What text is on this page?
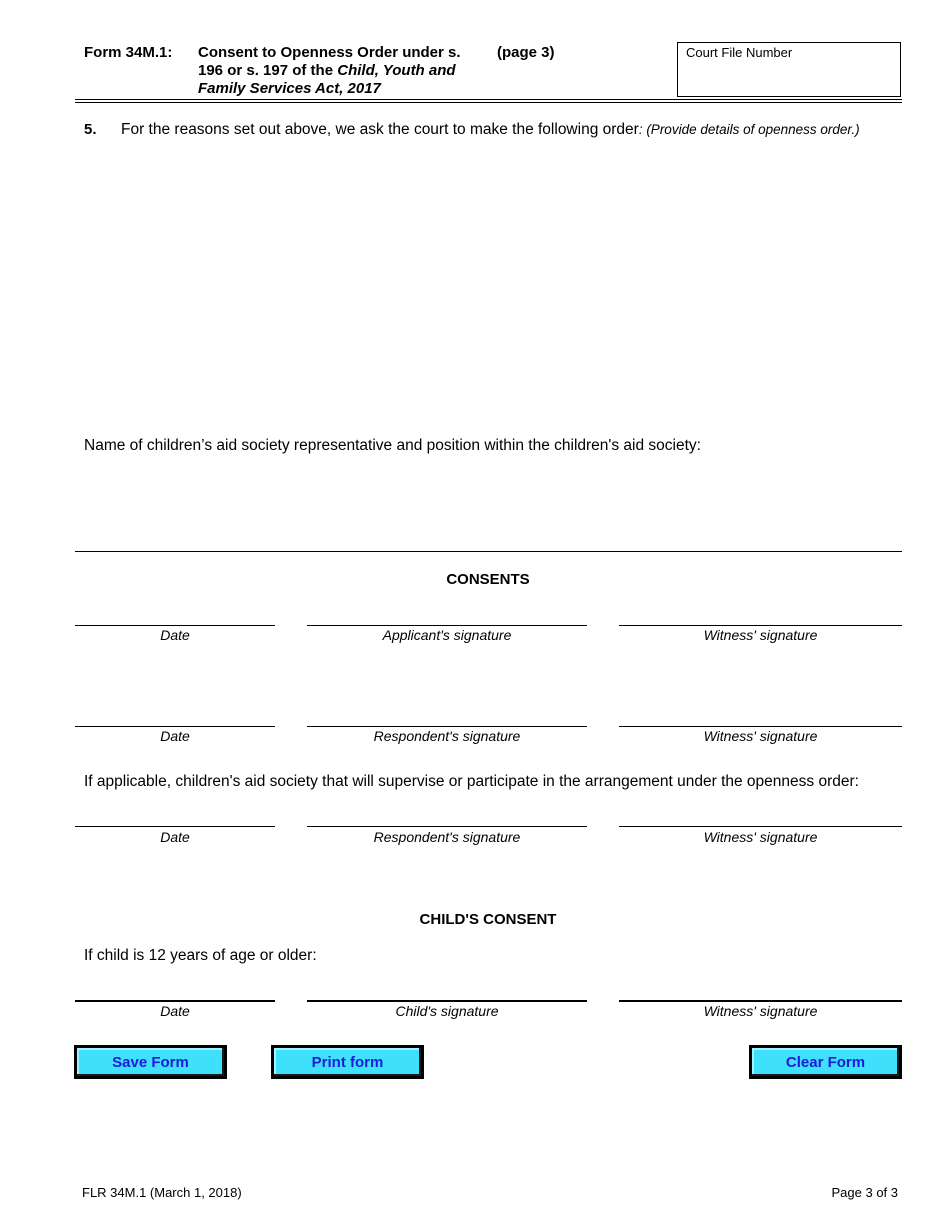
Form 34M.1: Consent to Openness Order under s.
196 or s. 197 of the Child, Youth and
Family Services Act, 2017
(page 3)	Court File Number
5. For the reasons set out above, we ask the court to make the following order: (Provide details of openness order.)
Name of children’s aid society representative and position within the children's aid society:
CONSENTS
Date	Applicant's signature	Witness' signature
Date	Respondent's signature	Witness' signature
If applicable, children's aid society that will supervise or participate in the arrangement under the openness order:
Date	Respondent's signature	Witness' signature
CHILD'S CONSENT
If child is 12 years of age or older:
Date	Child's signature	Witness' signature
Save Form	Print form	Clear Form
FLR 34M.1 (March 1, 2018)	Page 3 of 3
